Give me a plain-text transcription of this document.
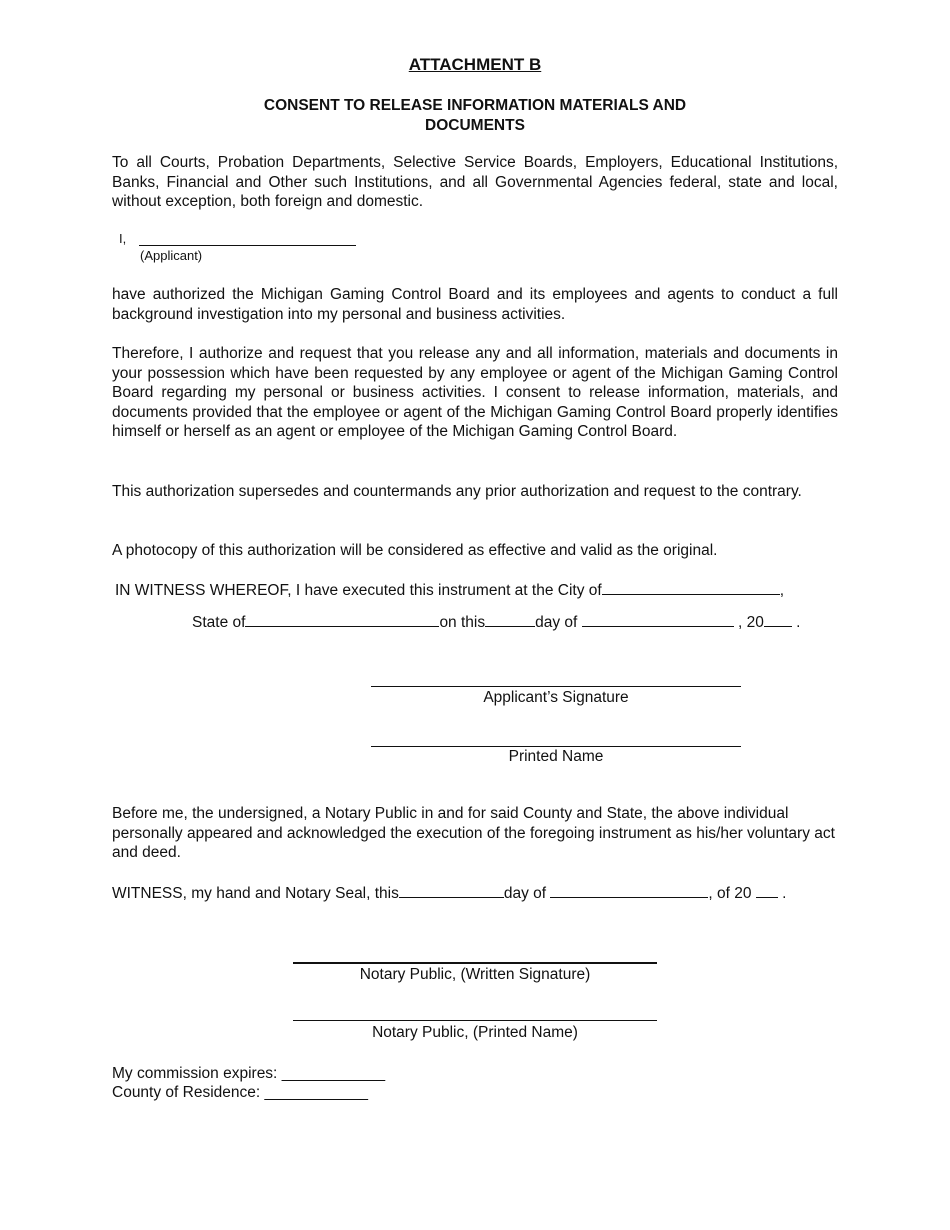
ATTACHMENT B
CONSENT TO RELEASE INFORMATION MATERIALS AND
DOCUMENTS
To all Courts, Probation Departments, Selective Service Boards, Employers, Educational Institutions, Banks, Financial and Other such Institutions, and all Governmental Agencies federal, state and local, without exception, both foreign and domestic.
I,
(Applicant)
have authorized the Michigan Gaming Control Board and its employees and agents to conduct a full background investigation into my personal and business activities.
Therefore, I authorize and request that you release any and all information, materials and documents in your possession which have been requested by any employee or agent of the Michigan Gaming Control Board regarding my personal or business activities. I consent to release information, materials, and documents provided that the employee or agent of the Michigan Gaming Control Board properly identifies himself or herself as an agent or employee of the Michigan Gaming Control Board.
This authorization supersedes and countermands any prior authorization and request to the contrary.
A photocopy of this authorization will be considered as effective and valid as the original.
IN WITNESS WHEREOF, I have executed this instrument at the City of	,
State of	on this	day of	, 20 .
Applicant’s Signature
Printed Name
Before me, the undersigned, a Notary Public in and for said County and State, the above individual personally appeared and acknowledged the execution of the foregoing instrument as his/her voluntary act and deed.
WITNESS, my hand and Notary Seal, this	day of	, of 20 .
Notary Public, (Written Signature)
Notary Public, (Printed Name)
My commission expires: ____________
County of Residence: ____________
